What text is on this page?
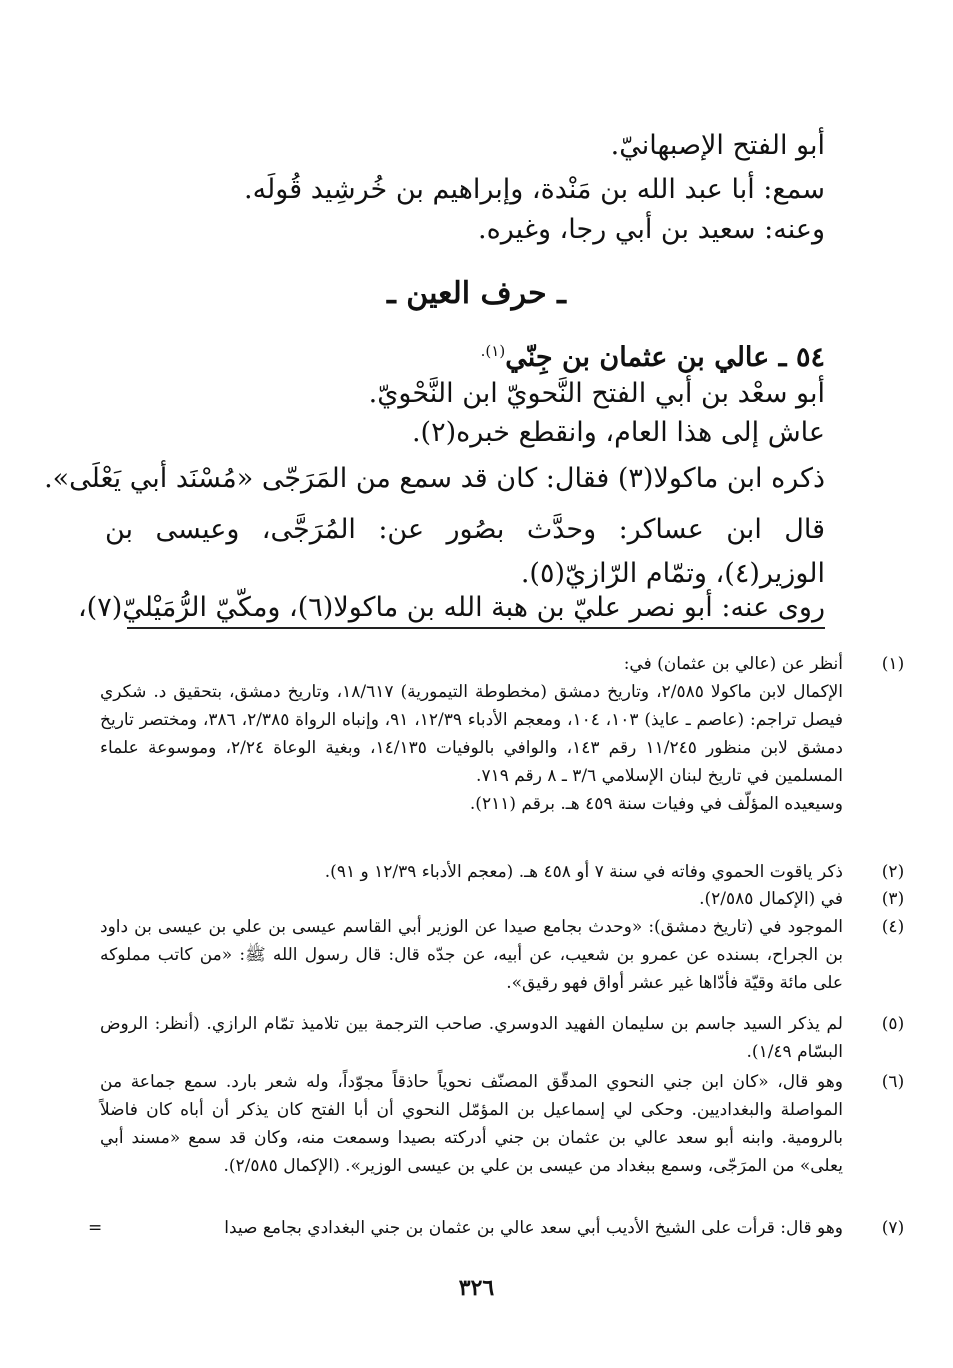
أبو الفتح الإصبهانيّ.
سمع: أبا عبد الله بن مَنْدة، وإبراهيم بن خُرشِيد قُولَه.
وعنه: سعيد بن أبي رجا، وغيره.
ـ حرف العين ـ
٥٤ ـ عالي بن عثمان بن جِنّي$^{(١).}$
أبو سعْد بن أبي الفتح النَّحويّ ابن النَّحْويّ.
عاش إلى هذا العام، وانقطع خبره(٢).
ذكره ابن ماكولا(٣) فقال: كان قد سمع من المَرَجّى «مُسْنَد أبي يَعْلَى».
قال ابن عساكر: وحدَّث بصُور عن: المُرَجَّى، وعيسى بن الوزير(٤)، وتمّام الرّازيّ(٥).
روى عنه: أبو نصر عليّ بن هبة الله بن ماكولا(٦)، ومكّيّ الرُّمَيْليّ(٧)،
(١)
أنظر عن (عالي بن عثمان) في:
الإكمال لابن ماكولا ٢/٥٨٥، وتاريخ دمشق (مخطوطة التيمورية) ١٨/٦١٧، وتاريخ دمشق، بتحقيق د. شكري فيصل تراجم: (عاصم ـ عايذ) ١٠٣، ١٠٤، ومعجم الأدباء ١٢/٣٩، ٩١، وإنباه الرواة ٢/٣٨٥، ٣٨٦، ومختصر تاريخ دمشق لابن منظور ١١/٢٤٥ رقم ١٤٣، والوافي بالوفيات ١٤/١٣٥، وبغية الوعاة ٢/٢٤، وموسوعة علماء المسلمين في تاريخ لبنان الإسلامي ٣/٦ ـ ٨ رقم ٧١٩.
وسيعيده المؤلّف في وفيات سنة ٤٥٩ هـ. برقم (٢١١).
(٢)
ذكر ياقوت الحموي وفاته في سنة ٧ أو ٤٥٨ هـ. (معجم الأدباء ١٢/٣٩ و ٩١).
(٣)
في (الإكمال ٢/٥٨٥).
(٤)
الموجود في (تاريخ دمشق): «وحدث بجامع صيدا عن الوزير أبي القاسم عيسى بن علي بن عيسى بن داود بن الجراح، بسنده عن عمرو بن شعيب، عن أبيه، عن جدّه قال: قال رسول الله ﷺ: «من كاتب مملوكه على مائة وقيّة فأدّاها غير عشر أواق فهو رقيق».
(٥)
لم يذكر السيد جاسم بن سليمان الفهيد الدوسري. صاحب الترجمة بين تلاميذ تمّام الرازي. (أنظر: الروض البسّام ١/٤٩).
(٦)
وهو قال، «كان ابن جني النحوي المدقّق المصنّف نحوياً حاذقاً مجوّداً، وله شعر بارد. سمع جماعة من المواصلة والبغداديين. وحكى لي إسماعيل بن المؤمّل النحوي أن أبا الفتح كان يذكر أن أباه كان فاضلاً بالرومية. وابنه أبو سعد عالي بن عثمان بن جني أدركته بصيدا وسمعت منه، وكان قد سمع «مسند أبي يعلى» من المرَجّى، وسمع ببغداد من عيسى بن علي بن عيسى الوزير». (الإكمال ٢/٥٨٥).
(٧)
وهو قال: قرأت على الشيخ الأديب أبي سعد عالي بن عثمان بن جني البغدادي بجامع صيدا
=
٣٢٦
